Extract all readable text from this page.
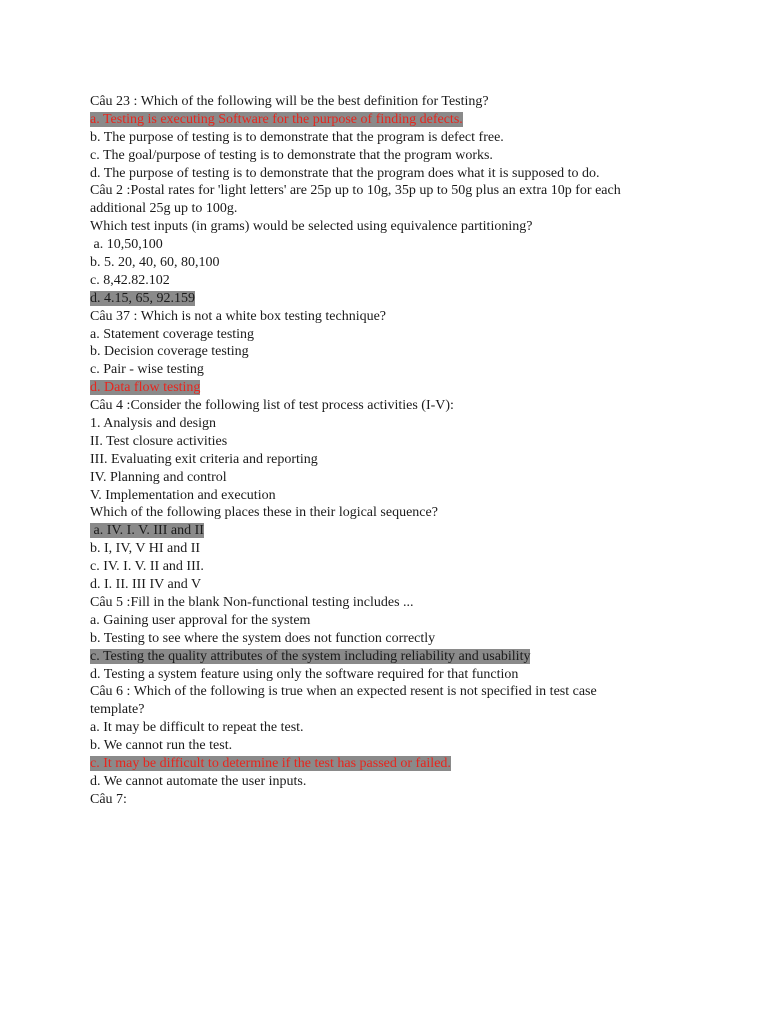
Câu 23 : Which of the following will be the best definition for Testing?
a. Testing is executing Software for the purpose of finding defects.
b. The purpose of testing is to demonstrate that the program is defect free.
c. The goal/purpose of testing is to demonstrate that the program works.
d. The purpose of testing is to demonstrate that the program does what it is supposed to do.
Câu 2 :Postal rates for 'light letters' are 25p up to 10g, 35p up to 50g plus an extra 10p for each
additional 25g up to 100g.
Which test inputs (in grams) would be selected using equivalence partitioning?
a. 10,50,100
b. 5. 20, 40, 60, 80,100
c. 8,42.82.102
d. 4.15, 65, 92.159
Câu 37 : Which is not a white box testing technique?
a. Statement coverage testing
b. Decision coverage testing
c. Pair - wise testing
d. Data flow testing
Câu 4 :Consider the following list of test process activities (I-V):
1. Analysis and design
II. Test closure activities
III. Evaluating exit criteria and reporting
IV. Planning and control
V. Implementation and execution
Which of the following places these in their logical sequence?
a. IV. I. V. III and II
b. I, IV, V HI and II
c. IV. I. V. II and III.
d. I. II. III IV and V
Câu 5 :Fill in the blank Non-functional testing includes ...
a. Gaining user approval for the system
b. Testing to see where the system does not function correctly
c. Testing the quality attributes of the system including reliability and usability
d. Testing a system feature using only the software required for that function
Câu 6 : Which of the following is true when an expected resent is not specified in test case
template?
a. It may be difficult to repeat the test.
b. We cannot run the test.
c. It may be difficult to determine if the test has passed or failed.
d. We cannot automate the user inputs.
Câu 7:
